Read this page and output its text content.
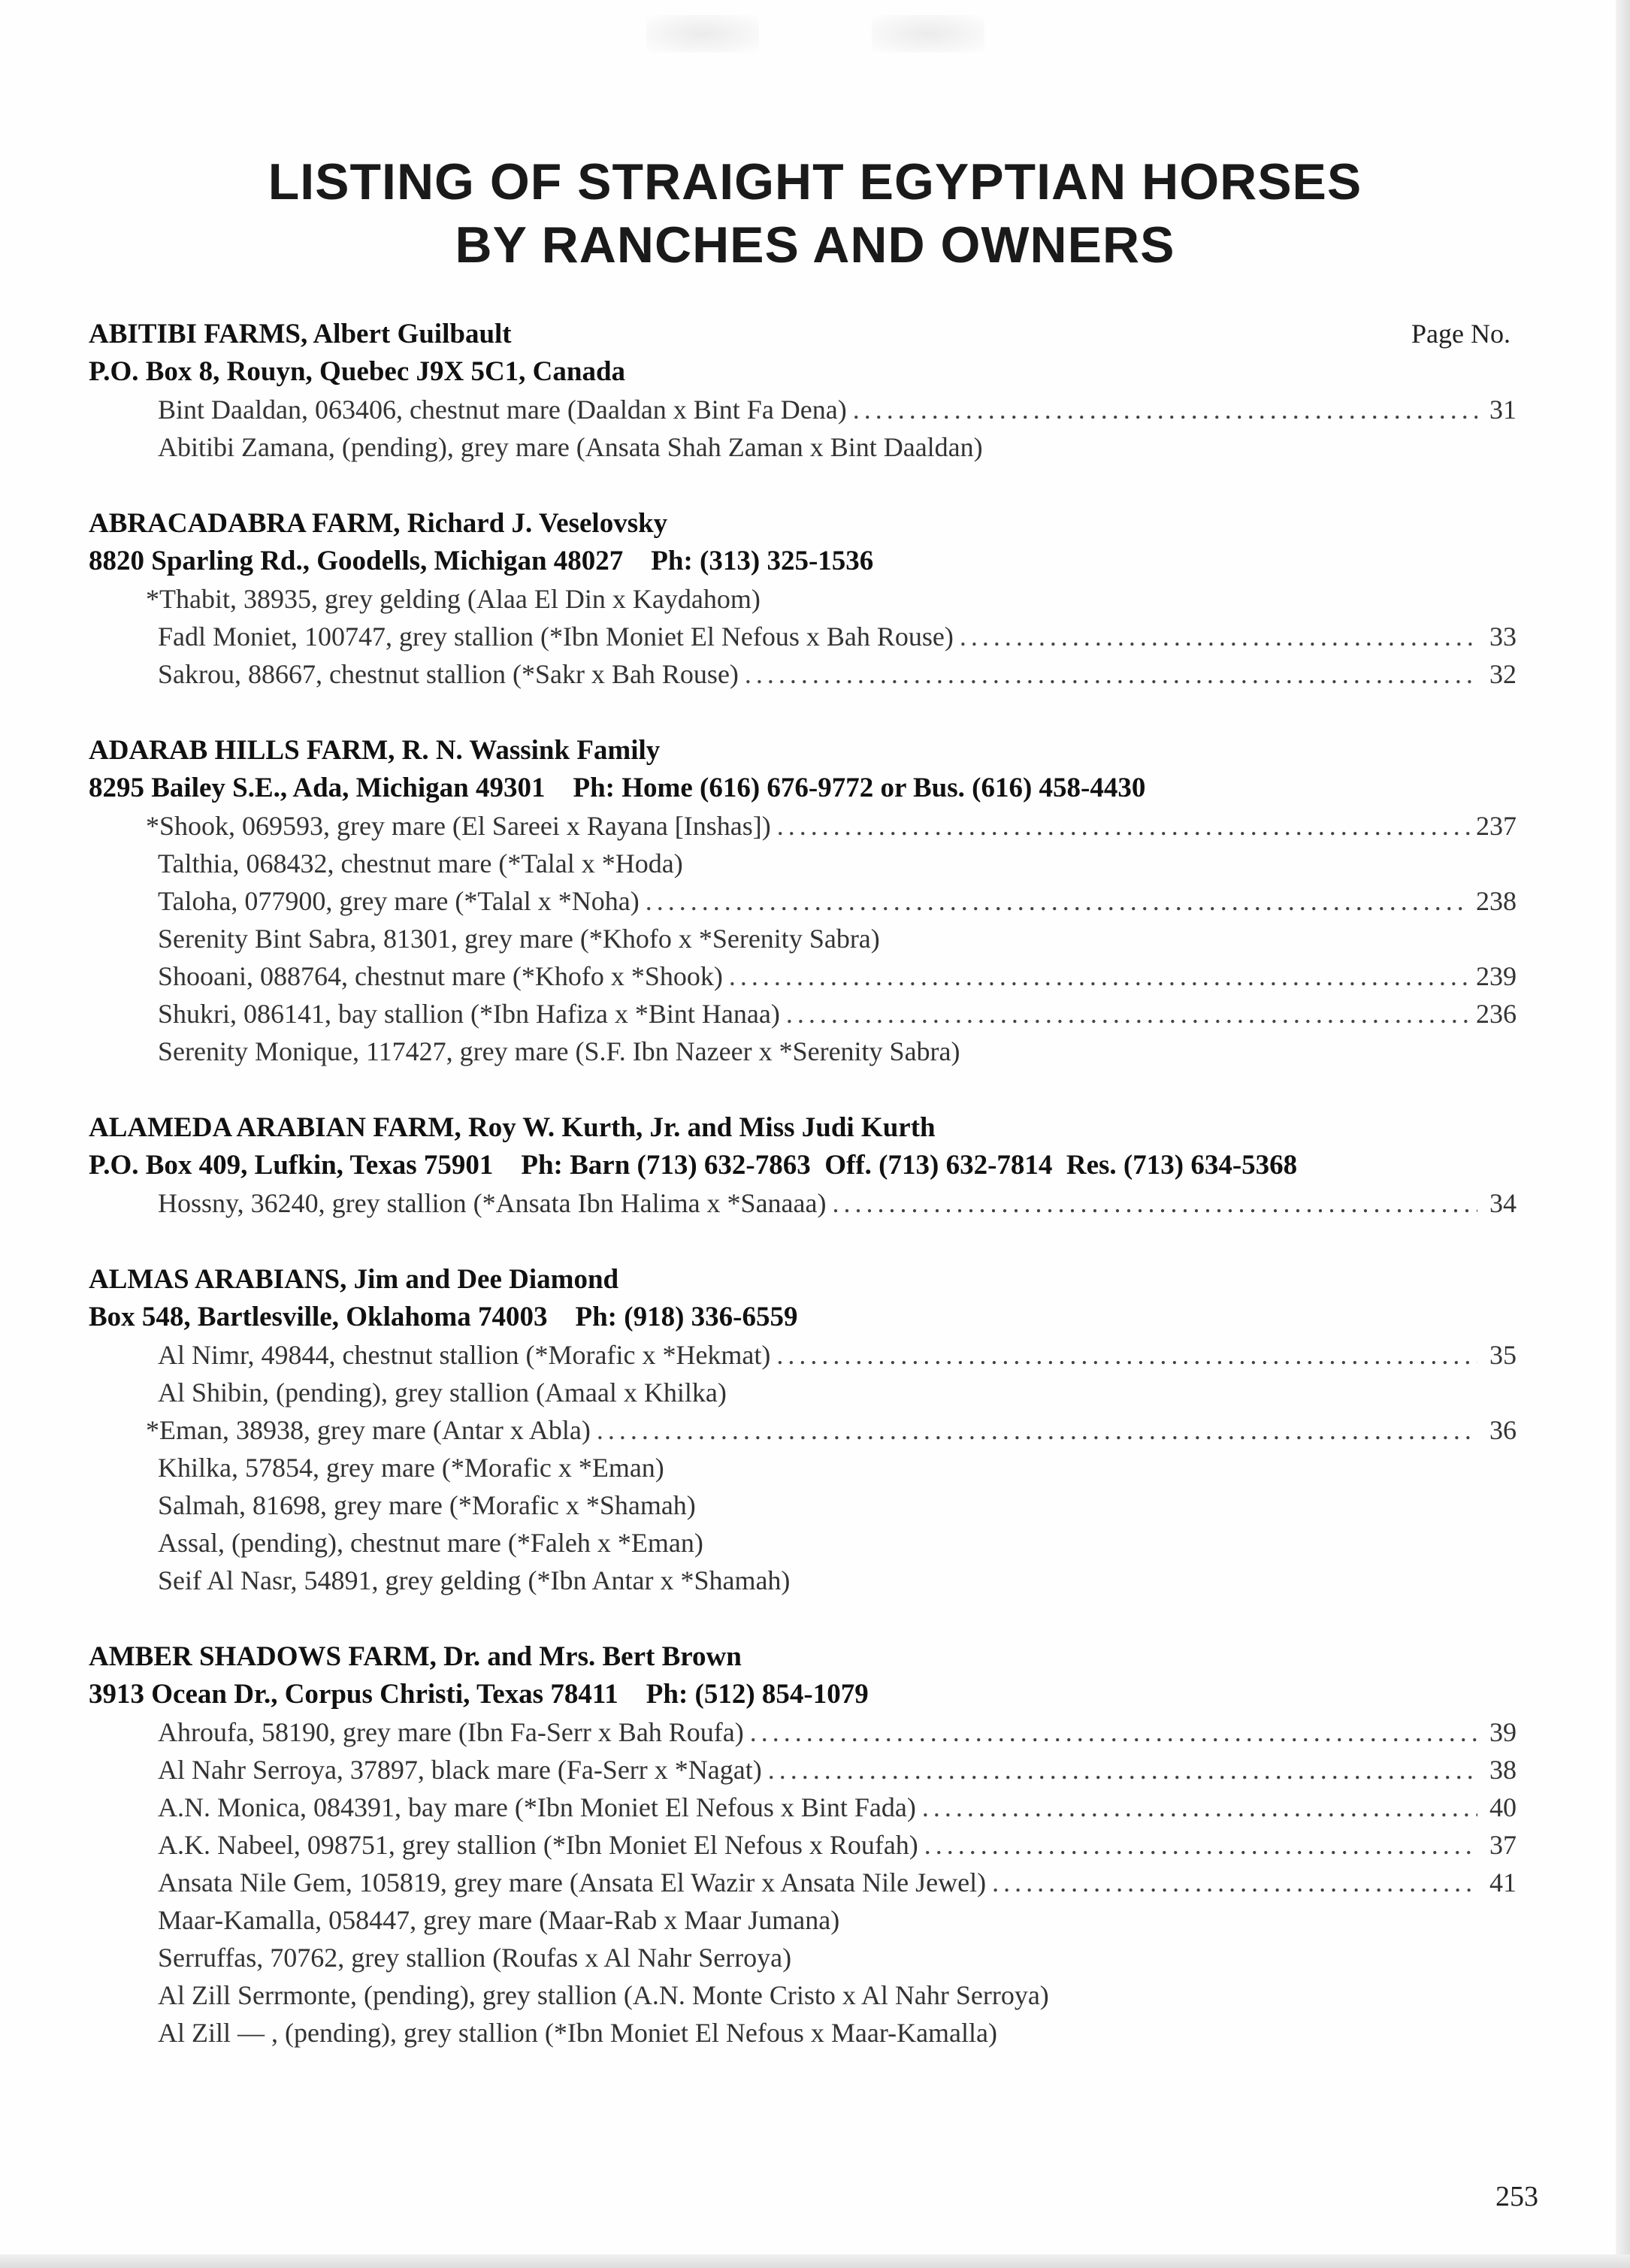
LISTING OF STRAIGHT EGYPTIAN HORSES
BY RANCHES AND OWNERS
Page No.
ABITIBI FARMS, Albert Guilbault
P.O. Box 8, Rouyn, Quebec J9X 5C1, Canada
Bint Daaldan, 063406, chestnut mare (Daaldan x Bint Fa Dena) .....	31
Abitibi Zamana, (pending), grey mare (Ansata Shah Zaman x Bint Daaldan)
ABRACADABRA FARM, Richard J. Veselovsky
8820 Sparling Rd., Goodells, Michigan 48027    Ph: (313) 325-1536
*Thabit, 38935, grey gelding (Alaa El Din x Kaydahom)
Fadl Moniet, 100747, grey stallion (*Ibn Moniet El Nefous x Bah Rouse) .....	33
Sakrou, 88667, chestnut stallion (*Sakr x Bah Rouse) .....	32
ADARAB HILLS FARM, R. N. Wassink Family
8295 Bailey S.E., Ada, Michigan 49301    Ph: Home (616) 676-9772 or Bus. (616) 458-4430
*Shook, 069593, grey mare (El Sareei x Rayana [Inshas]) .....	237
Talthia, 068432, chestnut mare (*Talal x *Hoda)
Taloha, 077900, grey mare (*Talal x *Noha) .....	238
Serenity Bint Sabra, 81301, grey mare (*Khofo x *Serenity Sabra)
Shooani, 088764, chestnut mare (*Khofo x *Shook) .....	239
Shukri, 086141, bay stallion (*Ibn Hafiza x *Bint Hanaa) .....	236
Serenity Monique, 117427, grey mare (S.F. Ibn Nazeer x *Serenity Sabra)
ALAMEDA ARABIAN FARM, Roy W. Kurth, Jr. and Miss Judi Kurth
P.O. Box 409, Lufkin, Texas 75901    Ph: Barn (713) 632-7863  Off. (713) 632-7814  Res. (713) 634-5368
Hossny, 36240, grey stallion (*Ansata Ibn Halima x *Sanaaa) .....	34
ALMAS ARABIANS, Jim and Dee Diamond
Box 548, Bartlesville, Oklahoma 74003    Ph: (918) 336-6559
Al Nimr, 49844, chestnut stallion (*Morafic x *Hekmat) .....	35
Al Shibin, (pending), grey stallion (Amaal x Khilka)
*Eman, 38938, grey mare (Antar x Abla) .....	36
Khilka, 57854, grey mare (*Morafic x *Eman)
Salmah, 81698, grey mare (*Morafic x *Shamah)
Assal, (pending), chestnut mare (*Faleh x *Eman)
Seif Al Nasr, 54891, grey gelding (*Ibn Antar x *Shamah)
AMBER SHADOWS FARM, Dr. and Mrs. Bert Brown
3913 Ocean Dr., Corpus Christi, Texas 78411    Ph: (512) 854-1079
Ahroufa, 58190, grey mare (Ibn Fa-Serr x Bah Roufa) .....	39
Al Nahr Serroya, 37897, black mare (Fa-Serr x *Nagat) .....	38
A.N. Monica, 084391, bay mare (*Ibn Moniet El Nefous x Bint Fada) .....	40
A.K. Nabeel, 098751, grey stallion (*Ibn Moniet El Nefous x Roufah) .....	37
Ansata Nile Gem, 105819, grey mare (Ansata El Wazir x Ansata Nile Jewel) .....	41
Maar-Kamalla, 058447, grey mare (Maar-Rab x Maar Jumana)
Serruffas, 70762, grey stallion (Roufas x Al Nahr Serroya)
Al Zill Serrmonte, (pending), grey stallion (A.N. Monte Cristo x Al Nahr Serroya)
Al Zill — , (pending), grey stallion (*Ibn Moniet El Nefous x Maar-Kamalla)
253
